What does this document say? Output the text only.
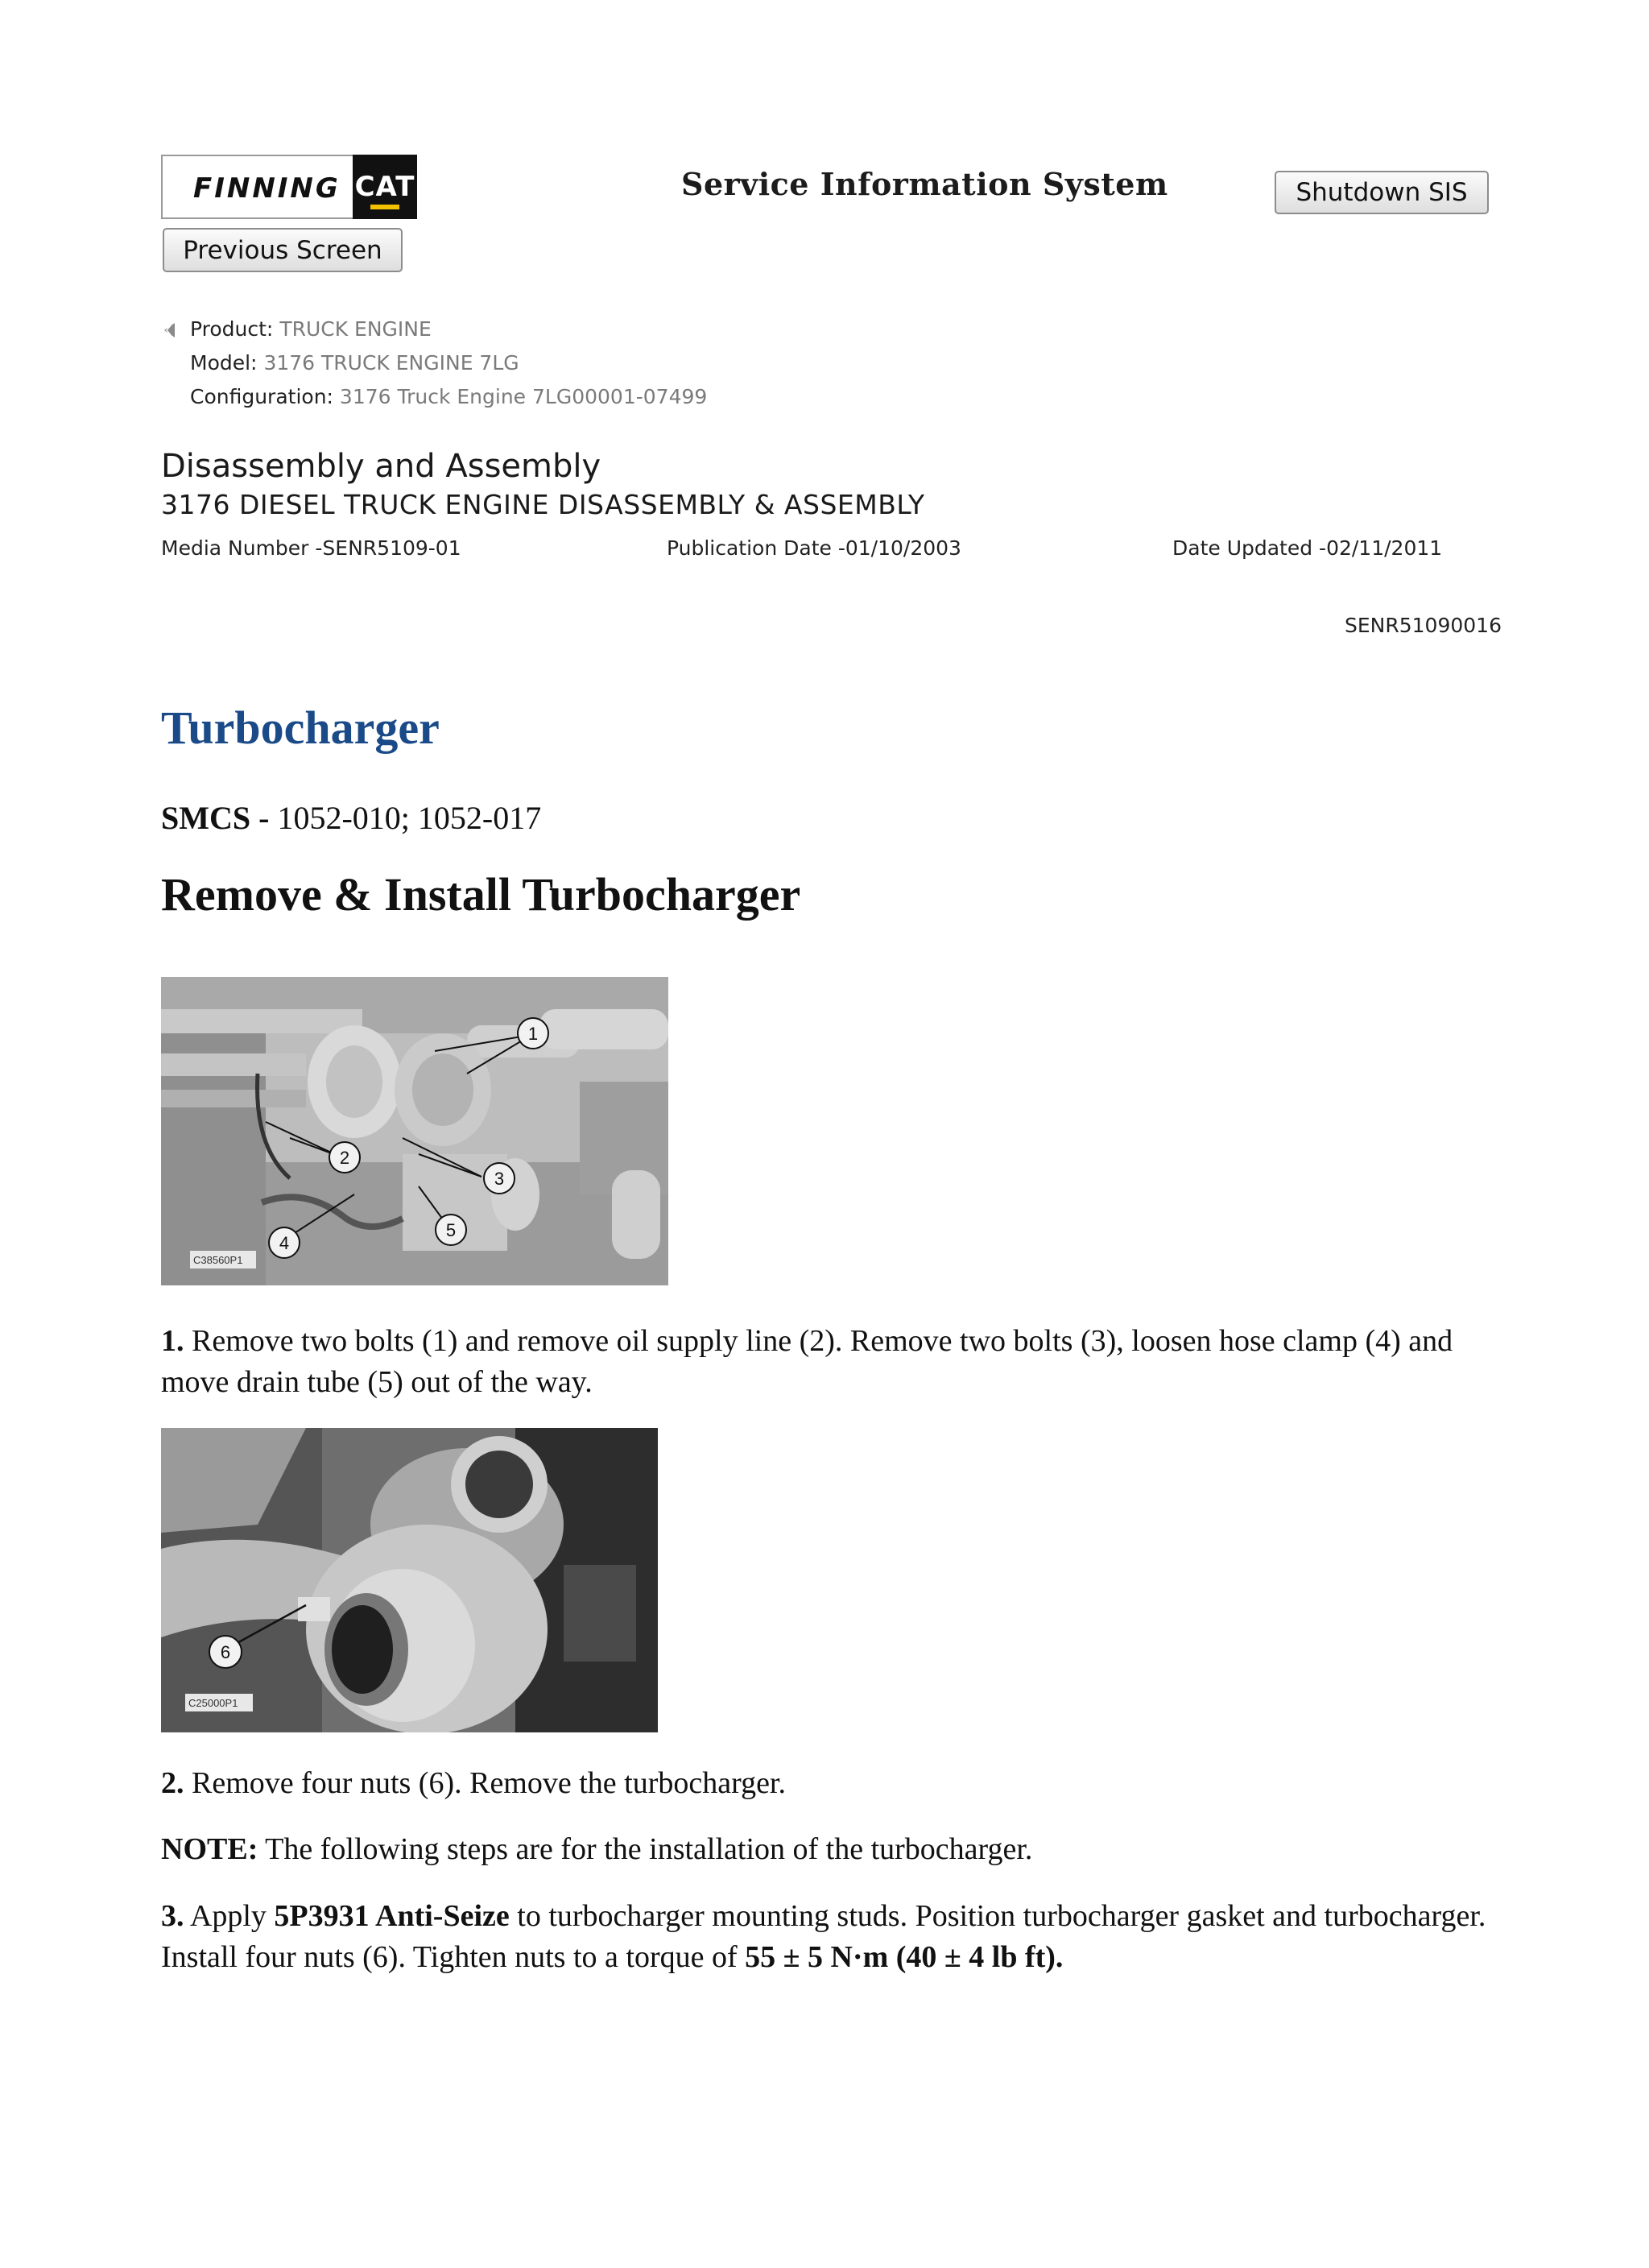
FINNING CAT	Service Information System	Shutdown SIS
Previous Screen
Product: TRUCK ENGINE
Model: 3176 TRUCK ENGINE 7LG
Configuration: 3176 Truck Engine 7LG00001-07499
Disassembly and Assembly
3176 DIESEL TRUCK ENGINE DISASSEMBLY & ASSEMBLY
Media Number -SENR5109-01	Publication Date -01/10/2003	Date Updated -02/11/2011
SENR51090016
Turbocharger
SMCS - 1052-010; 1052-017
Remove & Install Turbocharger
1
2
3
4
5
C38560P1
1. Remove two bolts (1) and remove oil supply line (2). Remove two bolts (3), loosen hose clamp (4) and move drain tube (5) out of the way.
6
C25000P1
2. Remove four nuts (6). Remove the turbocharger.
NOTE: The following steps are for the installation of the turbocharger.
3. Apply 5P3931 Anti-Seize to turbocharger mounting studs. Position turbocharger gasket and turbocharger. Install four nuts (6). Tighten nuts to a torque of 55 ± 5 N·m (40 ± 4 lb ft).
